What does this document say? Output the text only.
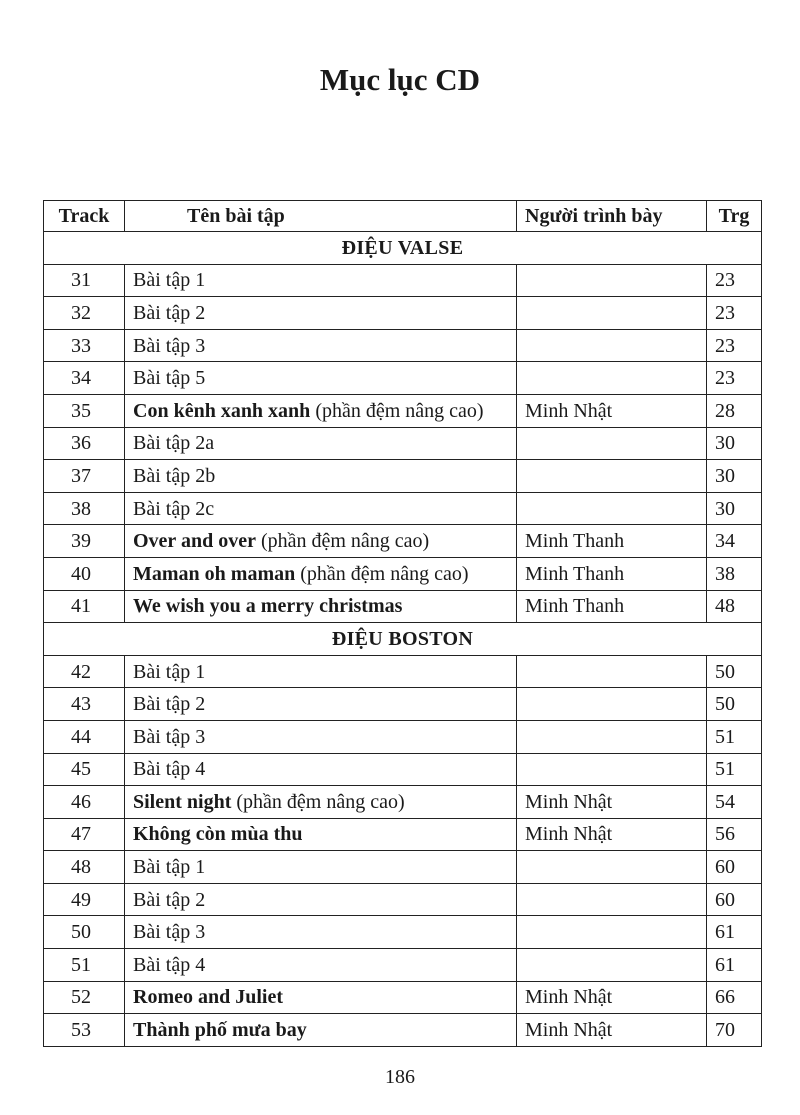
Mục lục CD
Track	Tên bài tập	Người trình bày	Trg
ĐIỆU VALSE			
31	Bài tập 1		23
32	Bài tập 2		23
33	Bài tập 3		23
34	Bài tập 5		23
35	Con kênh xanh xanh (phần đệm nâng cao)	Minh Nhật	28
36	Bài tập 2a		30
37	Bài tập 2b		30
38	Bài tập 2c		30
39	Over and over (phần đệm nâng cao)	Minh Thanh	34
40	Maman oh maman (phần đệm nâng cao)	Minh Thanh	38
41	We wish you a merry christmas	Minh Thanh	48
ĐIỆU BOSTON			
42	Bài tập 1		50
43	Bài tập 2		50
44	Bài tập 3		51
45	Bài tập 4		51
46	Silent night (phần đệm nâng cao)	Minh Nhật	54
47	Không còn mùa thu	Minh Nhật	56
48	Bài tập 1		60
49	Bài tập 2		60
50	Bài tập 3		61
51	Bài tập 4		61
52	Romeo and Juliet	Minh Nhật	66
53	Thành phố mưa bay	Minh Nhật	70
186
